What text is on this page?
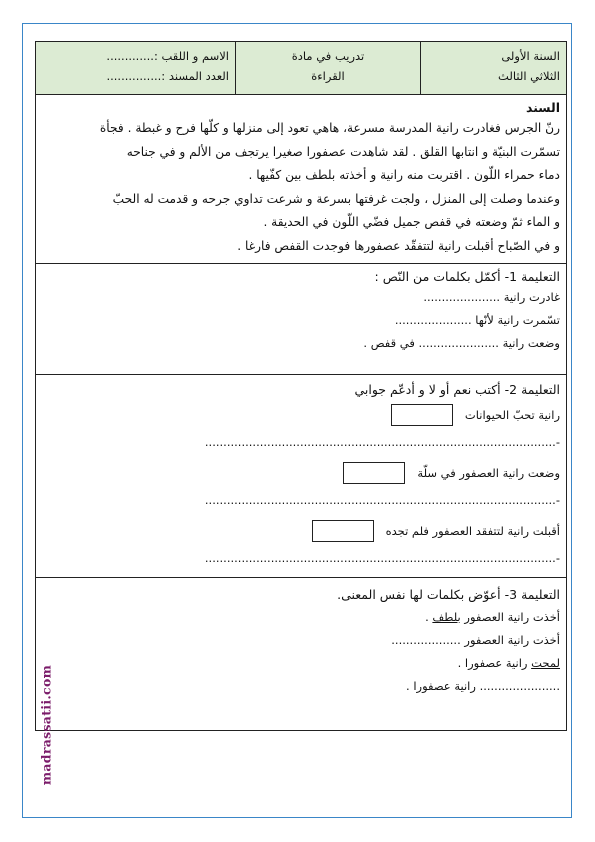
السنة الأولى
الثلاثي الثالث
تدريب في مادة
القراءة
الاسم و اللقب :.............
العدد المسند :...............
السند
رنّ الجرس فغادرت رانية المدرسة مسرعة، هاهي تعود إلى منزلها و كلّها فرح و غبطة . فجأة
تسمّرت البنيّة و انتابها القلق . لقد شاهدت عصفورا صغيرا يرتجف من الألم و في جناحه
دماء حمراء اللّون . اقتربت منه رانية و أخذته بلطف بين كفّيها .
وعندما وصلت إلى المنزل ، ولجت غرفتها بسرعة و شرعت تداوي جرحه و قدمت له الحبّ
و الماء ثمّ وضعته في قفص جميل فضّي اللّون في الحديقة .
و في الصّباح أقبلت رانية لتتفقّد عصفورها فوجدت القفص فارغا .
التعليمة 1- أكمّل بكلمات من النّص :
غادرت رانية .....................
تسّمرت رانية لأنّها .....................
وضعت رانية ...................... في قفص .
التعليمة 2- أكتب نعم أو لا و أدعّم جوابي
رانية تحبّ الحيوانات
-................................................................................................
وضعت رانية العصفور في سلّة
-................................................................................................
أقبلت رانية لتتفقد العصفور فلم تجده
-................................................................................................
التعليمة 3- أعوّض بكلمات لها نفس المعنى.
أخذت رانية العصفور بلطف .
أخذت رانية العصفور ...................
لمحت رانية عصفورا .
...................... رانية عصفورا .
madrassatii.com
